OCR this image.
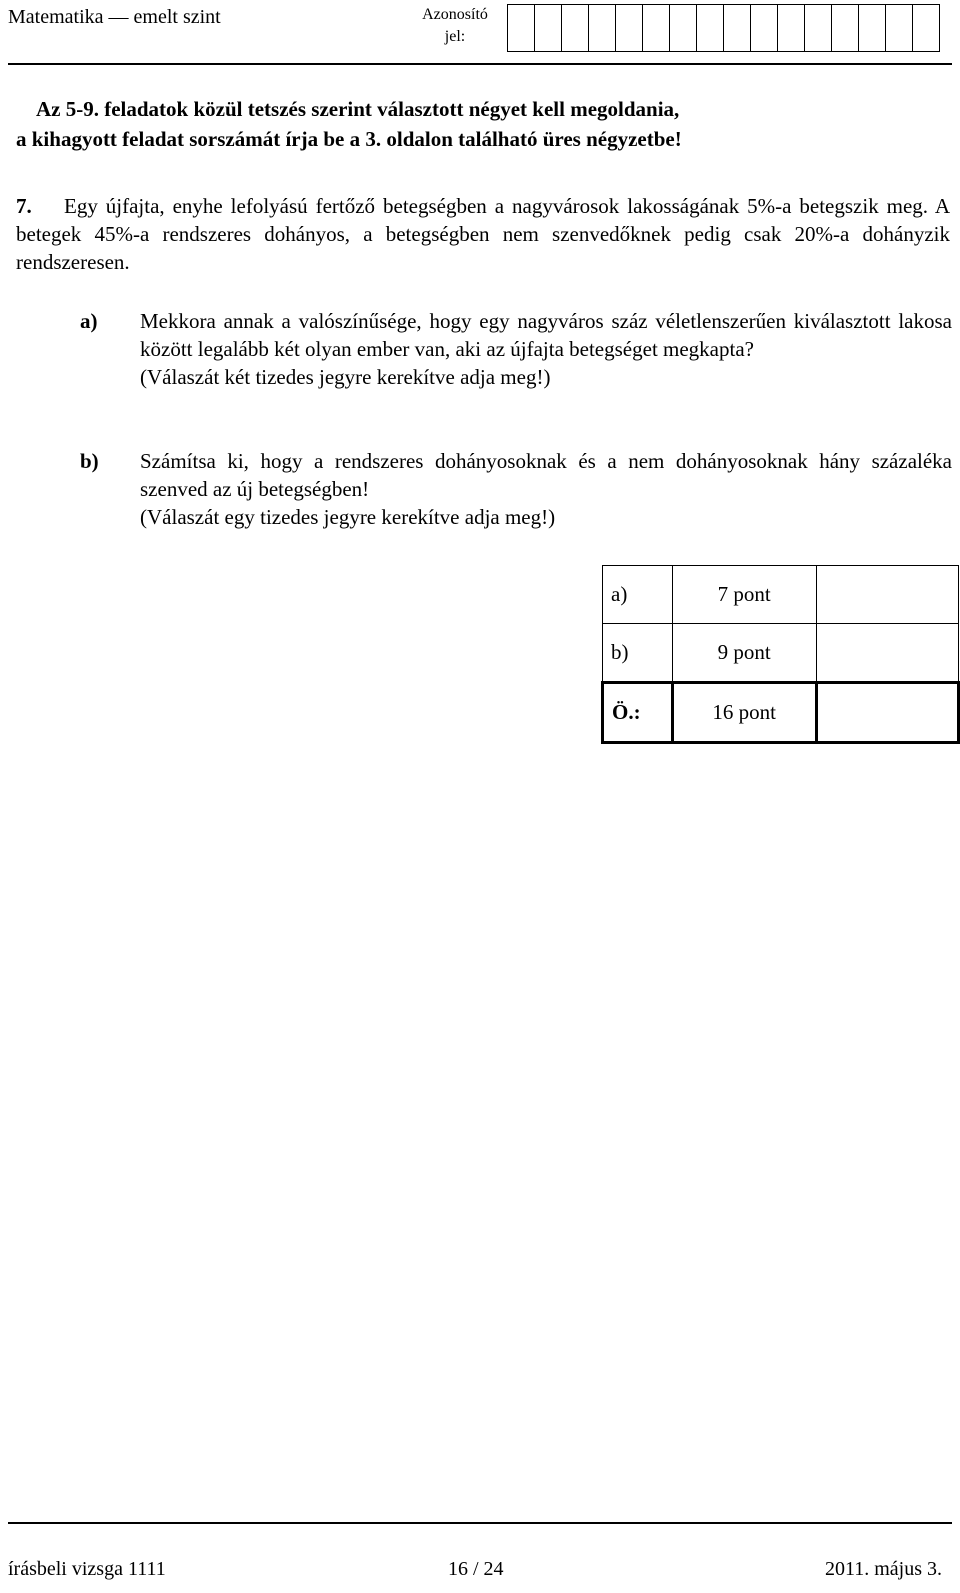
Matematika — emelt szint	Azonosító jel:
Az 5-9. feladatok közül tetszés szerint választott négyet kell megoldania,
a kihagyott feladat sorszámát írja be a 3. oldalon található üres négyzetbe!
7. Egy újfajta, enyhe lefolyású fertőző betegségben a nagyvárosok lakosságának 5%-a betegszik meg. A betegek 45%-a rendszeres dohányos, a betegségben nem szenvedőknek pedig csak 20%-a dohányzik rendszeresen.
a) Mekkora annak a valószínűsége, hogy egy nagyváros száz véletlenszerűen kiválasztott lakosa között legalább két olyan ember van, aki az újfajta betegséget megkapta?
(Válaszát két tizedes jegyre kerekítve adja meg!)
b) Számítsa ki, hogy a rendszeres dohányosoknak és a nem dohányosoknak hány százaléka szenved az új betegségben!
(Válaszát egy tizedes jegyre kerekítve adja meg!)
a)	7 pont	
b)	9 pont	
Ö.:	16 pont	
írásbeli vizsga 1111	16 / 24	2011. május 3.
